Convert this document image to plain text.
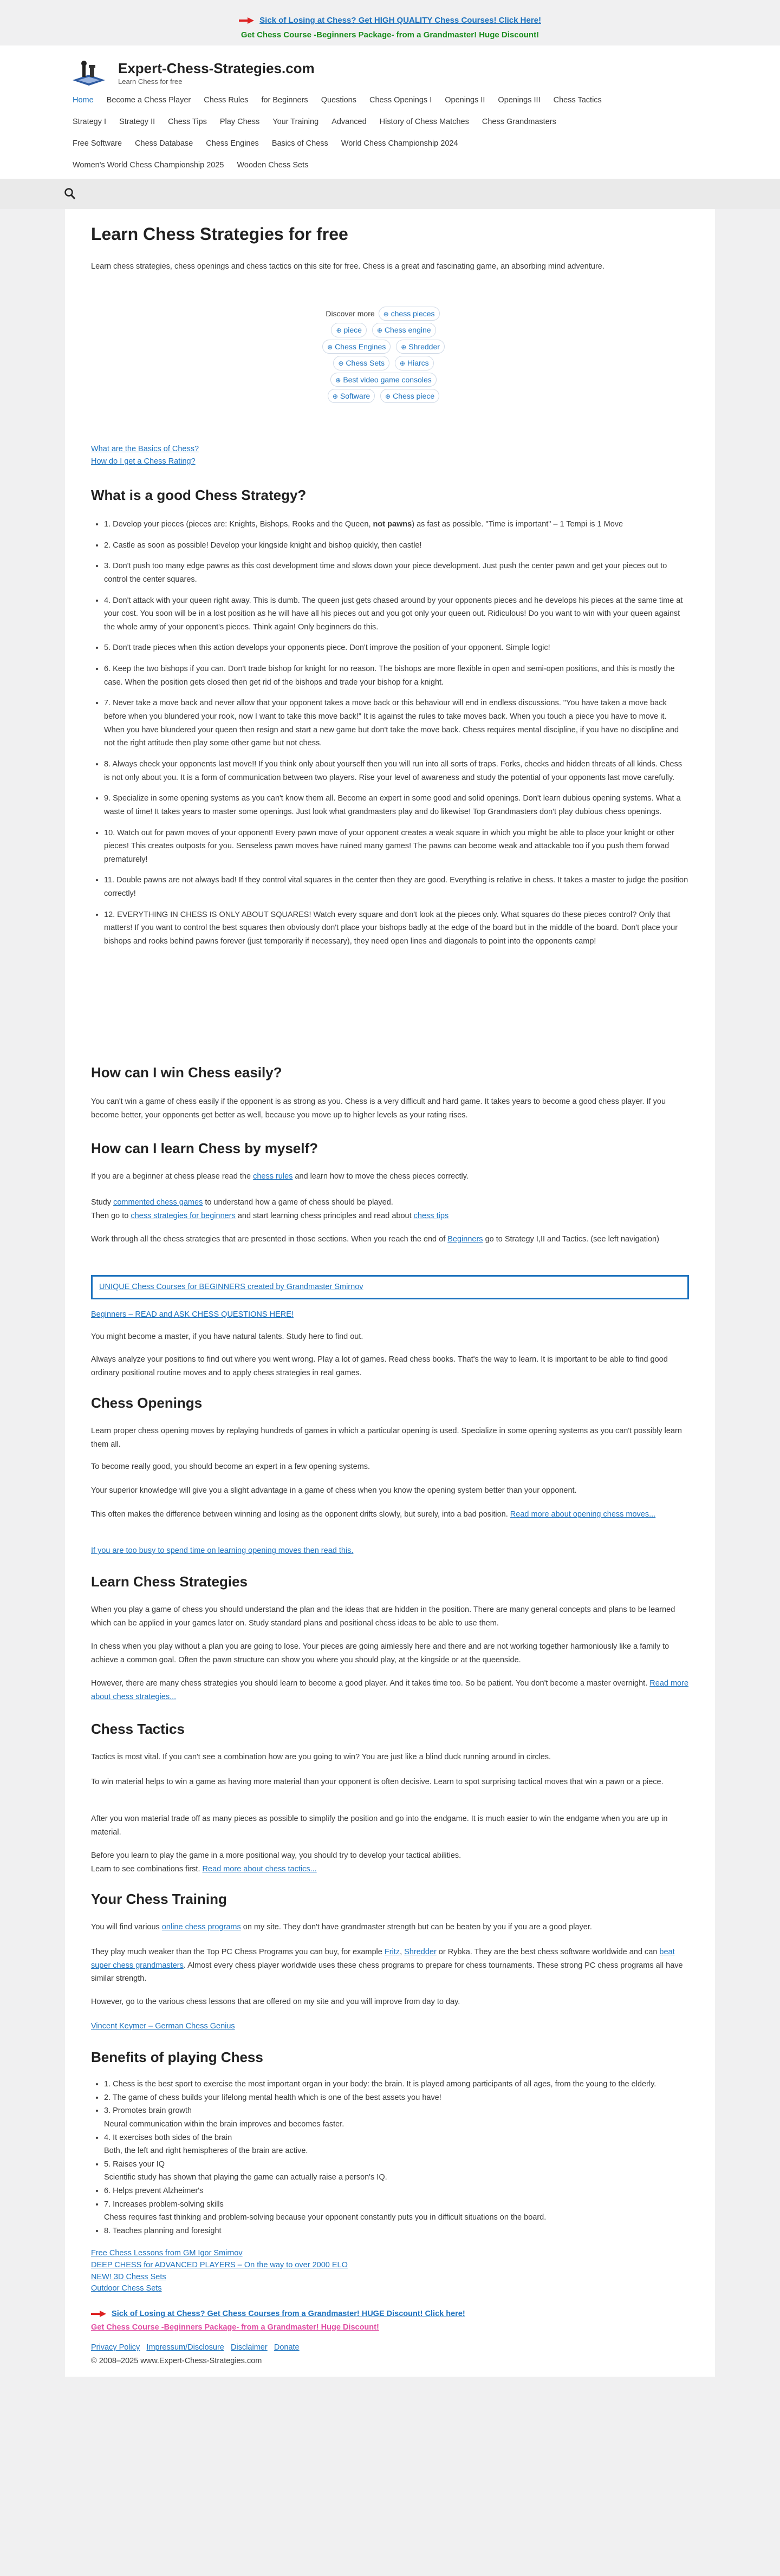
Sick of Losing at Chess? Get HIGH QUALITY Chess Courses! Click Here!
Get Chess Course -Beginners Package- from a Grandmaster! Huge Discount!
Expert-Chess-Strategies.com
Learn Chess for free
Home	Become a Chess Player	Chess Rules	for Beginners	Questions	Chess Openings I	Openings II	Openings III	Chess Tactics
Strategy I	Strategy II	Chess Tips	Play Chess	Your Training	Advanced	History of Chess Matches	Chess Grandmasters
Free Software	Chess Database	Chess Engines	Basics of Chess	World Chess Championship 2024
Women's World Chess Championship 2025	Wooden Chess Sets
Learn Chess Strategies for free

Learn chess strategies, chess openings and chess tactics on this site for free. Chess is a great and fascinating game, an absorbing mind adventure.

Discover more ⊕ chess pieces
⊕ piece	⊕ Chess engine
⊕ Chess Engines	⊕ Shredder
⊕ Chess Sets	⊕ Hiarcs
⊕ Best video game consoles
⊕ Software	⊕ Chess piece
What are the Basics of Chess?
How do I get a Chess Rating?
What is a good Chess Strategy?
• 1. Develop your pieces (pieces are: Knights, Bishops, Rooks and the Queen, not pawns) as fast as possible. "Time is important" – 1 Tempi is 1 Move
• 2. Castle as soon as possible! Develop your kingside knight and bishop quickly, then castle!
• 3. Don't push too many edge pawns as this cost development time and slows down your piece development. Just push the center pawn and get your pieces out to control the center squares.
• 4. Don't attack with your queen right away. This is dumb. The queen just gets chased around by your opponents pieces and he develops his pieces at the same time at your cost. You soon will be in a lost position as he will have all his pieces out and you got only your queen out. Ridiculous! Do you want to win with your queen against the whole army of your opponent's pieces. Think again! Only beginners do this.
• 5. Don't trade pieces when this action develops your opponents piece. Don't improve the position of your opponent. Simple logic!
• 6. Keep the two bishops if you can. Don't trade bishop for knight for no reason. The bishops are more flexible in open and semi-open positions, and this is mostly the case. When the position gets closed then get rid of the bishops and trade your bishop for a knight.
• 7. Never take a move back and never allow that your opponent takes a move back or this behaviour will end in endless discussions. "You have taken a move back before when you blundered your rook, now I want to take this move back!" It is against the rules to take moves back. When you touch a piece you have to move it. When you have blundered your queen then resign and start a new game but don't take the move back. Chess requires mental discipline, if you have no discipline and not the right attitude then play some other game but not chess.
• 8. Always check your opponents last move!! If you think only about yourself then you will run into all sorts of traps. Forks, checks and hidden threats of all kinds. Chess is not only about you. It is a form of communication between two players. Rise your level of awareness and study the potential of your opponents last move carefully.
• 9. Specialize in some opening systems as you can't know them all. Become an expert in some good and solid openings. Don't learn dubious opening systems. What a waste of time! It takes years to master some openings. Just look what grandmasters play and do likewise! Top Grandmasters don't play dubious chess openings.
• 10. Watch out for pawn moves of your opponent! Every pawn move of your opponent creates a weak square in which you might be able to place your knight or other pieces! This creates outposts for you. Senseless pawn moves have ruined many games! The pawns can become weak and attackable too if you push them forwad prematurely!
• 11. Double pawns are not always bad! If they control vital squares in the center then they are good. Everything is relative in chess. It takes a master to judge the position correctly!
• 12. EVERYTHING IN CHESS IS ONLY ABOUT SQUARES! Watch every square and don't look at the pieces only. What squares do these pieces control? Only that matters! If you want to control the best squares then obviously don't place your bishops badly at the edge of the board but in the middle of the board. Don't place your bishops and rooks behind pawns forever (just temporarily if necessary), they need open lines and diagonals to point into the opponents camp!
How can I win Chess easily?

You can't win a game of chess easily if the opponent is as strong as you. Chess is a very difficult and hard game. It takes years to become a good chess player. If you become better, your opponents get better as well, because you move up to higher levels as your rating rises.

How can I learn Chess by myself?

If you are a beginner at chess please read the chess rules and learn how to move the chess pieces correctly.

Study commented chess games to understand how a game of chess should be played.
Then go to chess strategies for beginners and start learning chess principles and read about chess tips

Work through all the chess strategies that are presented in those sections. When you reach the end of Beginners go to Strategy I,II and Tactics. (see left navigation)

UNIQUE Chess Courses for BEGINNERS created by Grandmaster Smirnov
Beginners – READ and ASK CHESS QUESTIONS HERE!

You might become a master, if you have natural talents. Study here to find out.

Always analyze your positions to find out where you went wrong. Play a lot of games. Read chess books. That's the way to learn. It is important to be able to find good ordinary positional routine moves and to apply chess strategies in real games.

Chess Openings

Learn proper chess opening moves by replaying hundreds of games in which a particular opening is used. Specialize in some opening systems as you can't possibly learn them all.

To become really good, you should become an expert in a few opening systems.

Your superior knowledge will give you a slight advantage in a game of chess when you know the opening system better than your opponent.

This often makes the difference between winning and losing as the opponent drifts slowly, but surely, into a bad position. Read more about opening chess moves...

If you are too busy to spend time on learning opening moves then read this.
Learn Chess Strategies

When you play a game of chess you should understand the plan and the ideas that are hidden in the position. There are many general concepts and plans to be learned which can be applied in your games later on. Study standard plans and positional chess ideas to be able to use them.

In chess when you play without a plan you are going to lose. Your pieces are going aimlessly here and there and are not working together harmoniously like a family to achieve a common goal. Often the pawn structure can show you where you should play, at the kingside or at the queenside.

However, there are many chess strategies you should learn to become a good player. And it takes time too. So be patient. You don't become a master overnight. Read more about chess strategies...

Chess Tactics

Tactics is most vital. If you can't see a combination how are you going to win? You are just like a blind duck running around in circles.

To win material helps to win a game as having more material than your opponent is often decisive. Learn to spot surprising tactical moves that win a pawn or a piece.

After you won material trade off as many pieces as possible to simplify the position and go into the endgame. It is much easier to win the endgame when you are up in material.

Before you learn to play the game in a more positional way, you should try to develop your tactical abilities.
Learn to see combinations first. Read more about chess tactics...

Your Chess Training

You will find various online chess programs on my site. They don't have grandmaster strength but can be beaten by you if you are a good player.

They play much weaker than the Top PC Chess Programs you can buy, for example Fritz, Shredder or Rybka. They are the best chess software worldwide and can beat super chess grandmasters. Almost every chess player worldwide uses these chess programs to prepare for chess tournaments. These strong PC chess programs all have similar strength.

However, go to the various chess lessons that are offered on my site and you will improve from day to day.

Vincent Keymer – German Chess Genius
Benefits of playing Chess
• 1. Chess is the best sport to exercise the most important organ in your body: the brain. It is played among participants of all ages, from the young to the elderly.
• 2. The game of chess builds your lifelong mental health which is one of the best assets you have!
• 3. Promotes brain growth
Neural communication within the brain improves and becomes faster.
• 4. It exercises both sides of the brain
Both, the left and right hemispheres of the brain are active.
• 5. Raises your IQ
Scientific study has shown that playing the game can actually raise a person's IQ.
• 6. Helps prevent Alzheimer's
• 7. Increases problem-solving skills
Chess requires fast thinking and problem-solving because your opponent constantly puts you in difficult situations on the board.
• 8. Teaches planning and foresight
Free Chess Lessons from GM Igor Smirnov
DEEP CHESS for ADVANCED PLAYERS – On the way to over 2000 ELO
NEW! 3D Chess Sets
Outdoor Chess Sets
Sick of Losing at Chess? Get Chess Courses from a Grandmaster! HUGE Discount! Click here!
Get Chess Course -Beginners Package- from a Grandmaster! Huge Discount!
Privacy Policy Impressum/Disclosure Disclaimer Donate
© 2008–2025 www.Expert-Chess-Strategies.com
